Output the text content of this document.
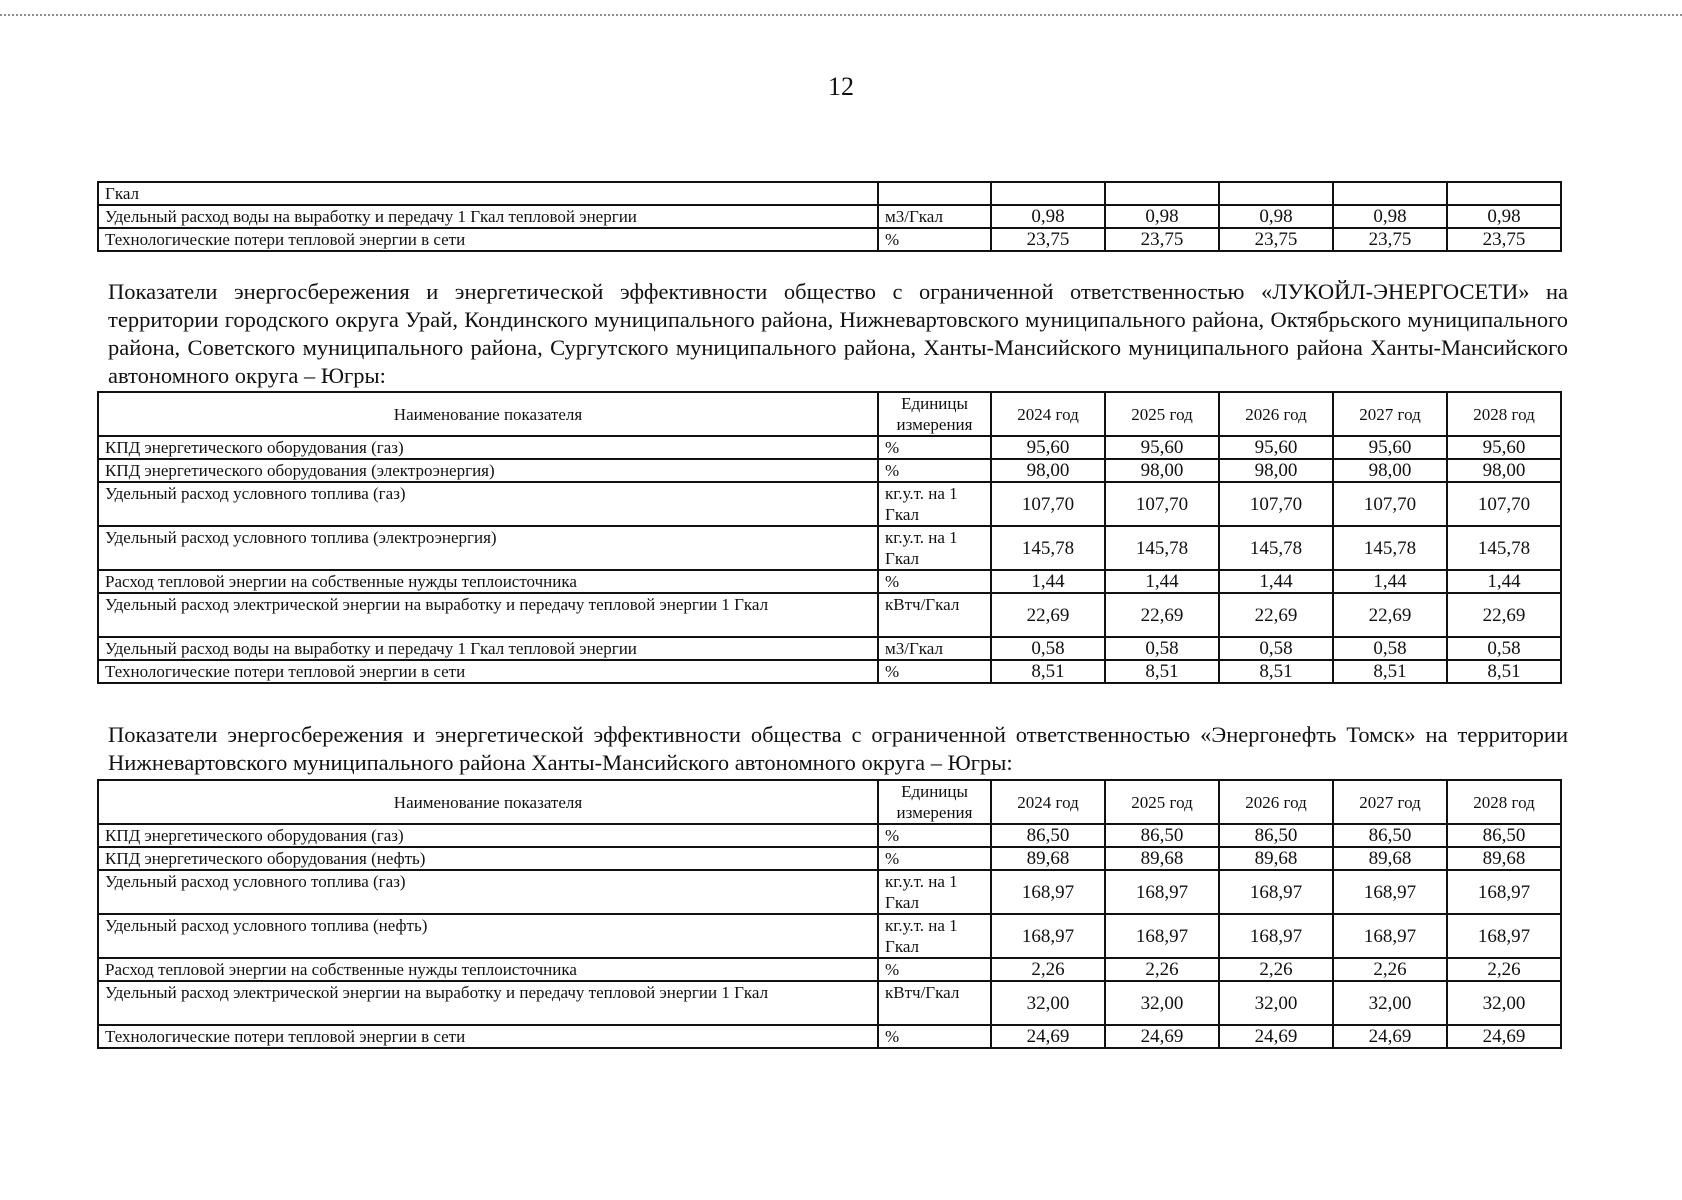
12
Гкал						
Удельный расход воды на выработку и передачу 1 Гкал тепловой энергии	м3/Гкал	0,98	0,98	0,98	0,98	0,98
Технологические потери тепловой энергии в сети	%	23,75	23,75	23,75	23,75	23,75
Показатели энергосбережения и энергетической эффективности общество с ограниченной ответственностью «ЛУКОЙЛ-ЭНЕРГОСЕТИ» на территории городского округа Урай, Кондинского муниципального района, Нижневартовского муниципального района, Октябрьского муниципального района, Советского муниципального района, Сургутского муниципального района, Ханты-Мансийского муниципального района Ханты-Мансийского автономного округа – Югры:
Наименование показателя	Единицы измерения	2024 год	2025 год	2026 год	2027 год	2028 год
КПД энергетического оборудования (газ)	%	95,60	95,60	95,60	95,60	95,60
КПД энергетического оборудования (электроэнергия)	%	98,00	98,00	98,00	98,00	98,00
Удельный расход условного топлива (газ)	кг.у.т. на 1 Гкал	107,70	107,70	107,70	107,70	107,70
Удельный расход условного топлива (электроэнергия)	кг.у.т. на 1 Гкал	145,78	145,78	145,78	145,78	145,78
Расход тепловой энергии на собственные нужды теплоисточника	%	1,44	1,44	1,44	1,44	1,44
Удельный расход электрической энергии на выработку и передачу тепловой энергии 1 Гкал	кВтч/Гкал	22,69	22,69	22,69	22,69	22,69
Удельный расход воды на выработку и передачу 1 Гкал тепловой энергии	м3/Гкал	0,58	0,58	0,58	0,58	0,58
Технологические потери тепловой энергии в сети	%	8,51	8,51	8,51	8,51	8,51
Показатели энергосбережения и энергетической эффективности общества с ограниченной ответственностью «Энергонефть Томск» на территории Нижневартовского муниципального района Ханты-Мансийского автономного округа – Югры:
Наименование показателя	Единицы измерения	2024 год	2025 год	2026 год	2027 год	2028 год
КПД энергетического оборудования (газ)	%	86,50	86,50	86,50	86,50	86,50
КПД энергетического оборудования (нефть)	%	89,68	89,68	89,68	89,68	89,68
Удельный расход условного топлива (газ)	кг.у.т. на 1 Гкал	168,97	168,97	168,97	168,97	168,97
Удельный расход условного топлива (нефть)	кг.у.т. на 1 Гкал	168,97	168,97	168,97	168,97	168,97
Расход тепловой энергии на собственные нужды теплоисточника	%	2,26	2,26	2,26	2,26	2,26
Удельный расход электрической энергии на выработку и передачу тепловой энергии 1 Гкал	кВтч/Гкал	32,00	32,00	32,00	32,00	32,00
Технологические потери тепловой энергии в сети	%	24,69	24,69	24,69	24,69	24,69
